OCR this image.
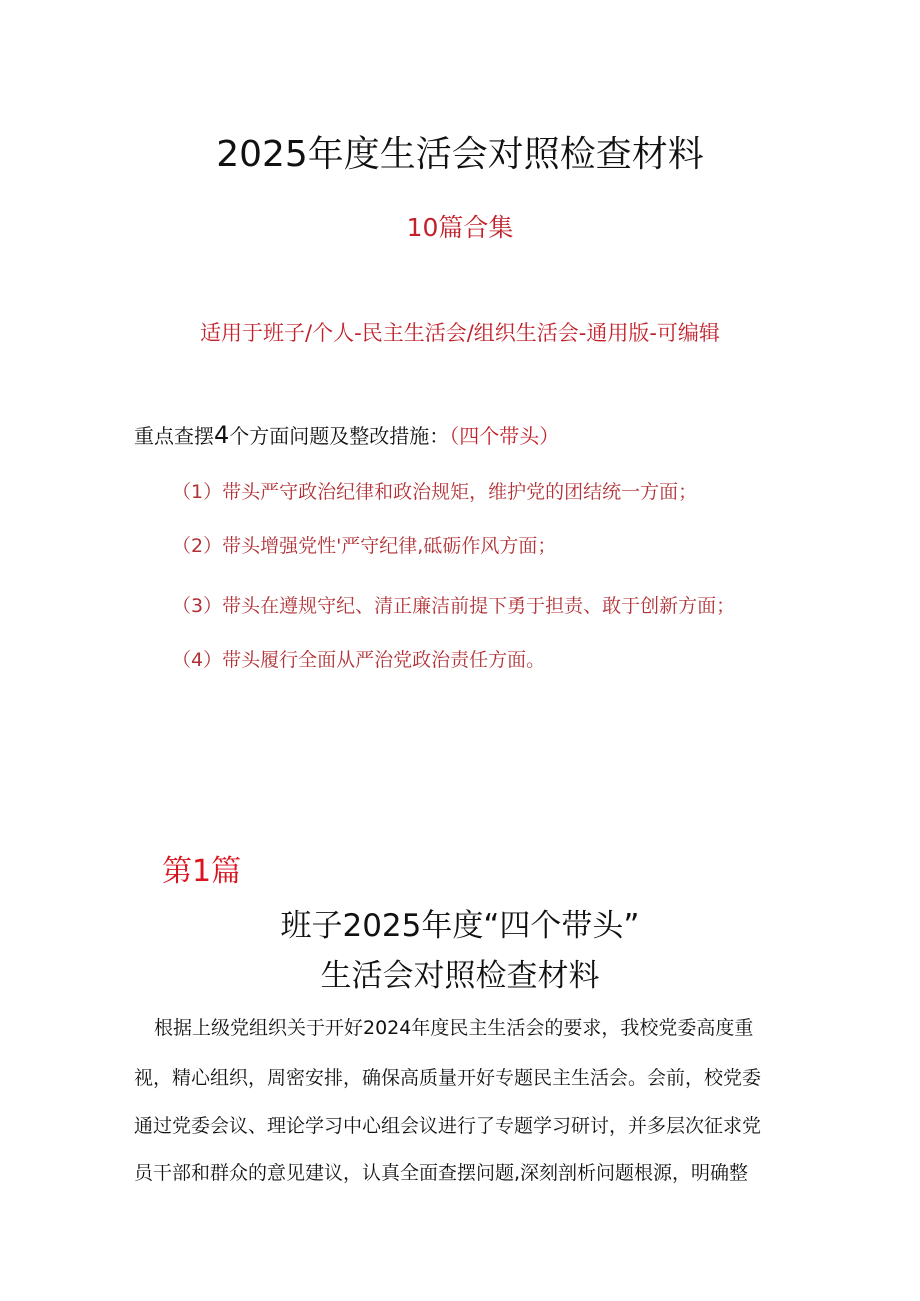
2025年度生活会对照检查材料
10篇合集
适用于班子/个人-民主生活会/组织生活会-通用版-可编辑
重点查摆4个方面问题及整改措施：（四个带头）
（1）带头严守政治纪律和政治规矩，维护党的团结统一方面；
（2）带头增强党性'严守纪律,砥砺作风方面；
（3）带头在遵规守纪、清正廉洁前提下勇于担责、敢于创新方面；
（4）带头履行全面从严治党政治责任方面。
第1篇
班子2025年度“四个带头”
生活会对照检查材料
根据上级党组织关于开好2024年度民主生活会的要求，我校党委高度重
视，精心组织，周密安排，确保高质量开好专题民主生活会。会前，校党委
通过党委会议、理论学习中心组会议进行了专题学习研讨，并多层次征求党
员干部和群众的意见建议，认真全面查摆问题,深刻剖析问题根源，明确整
